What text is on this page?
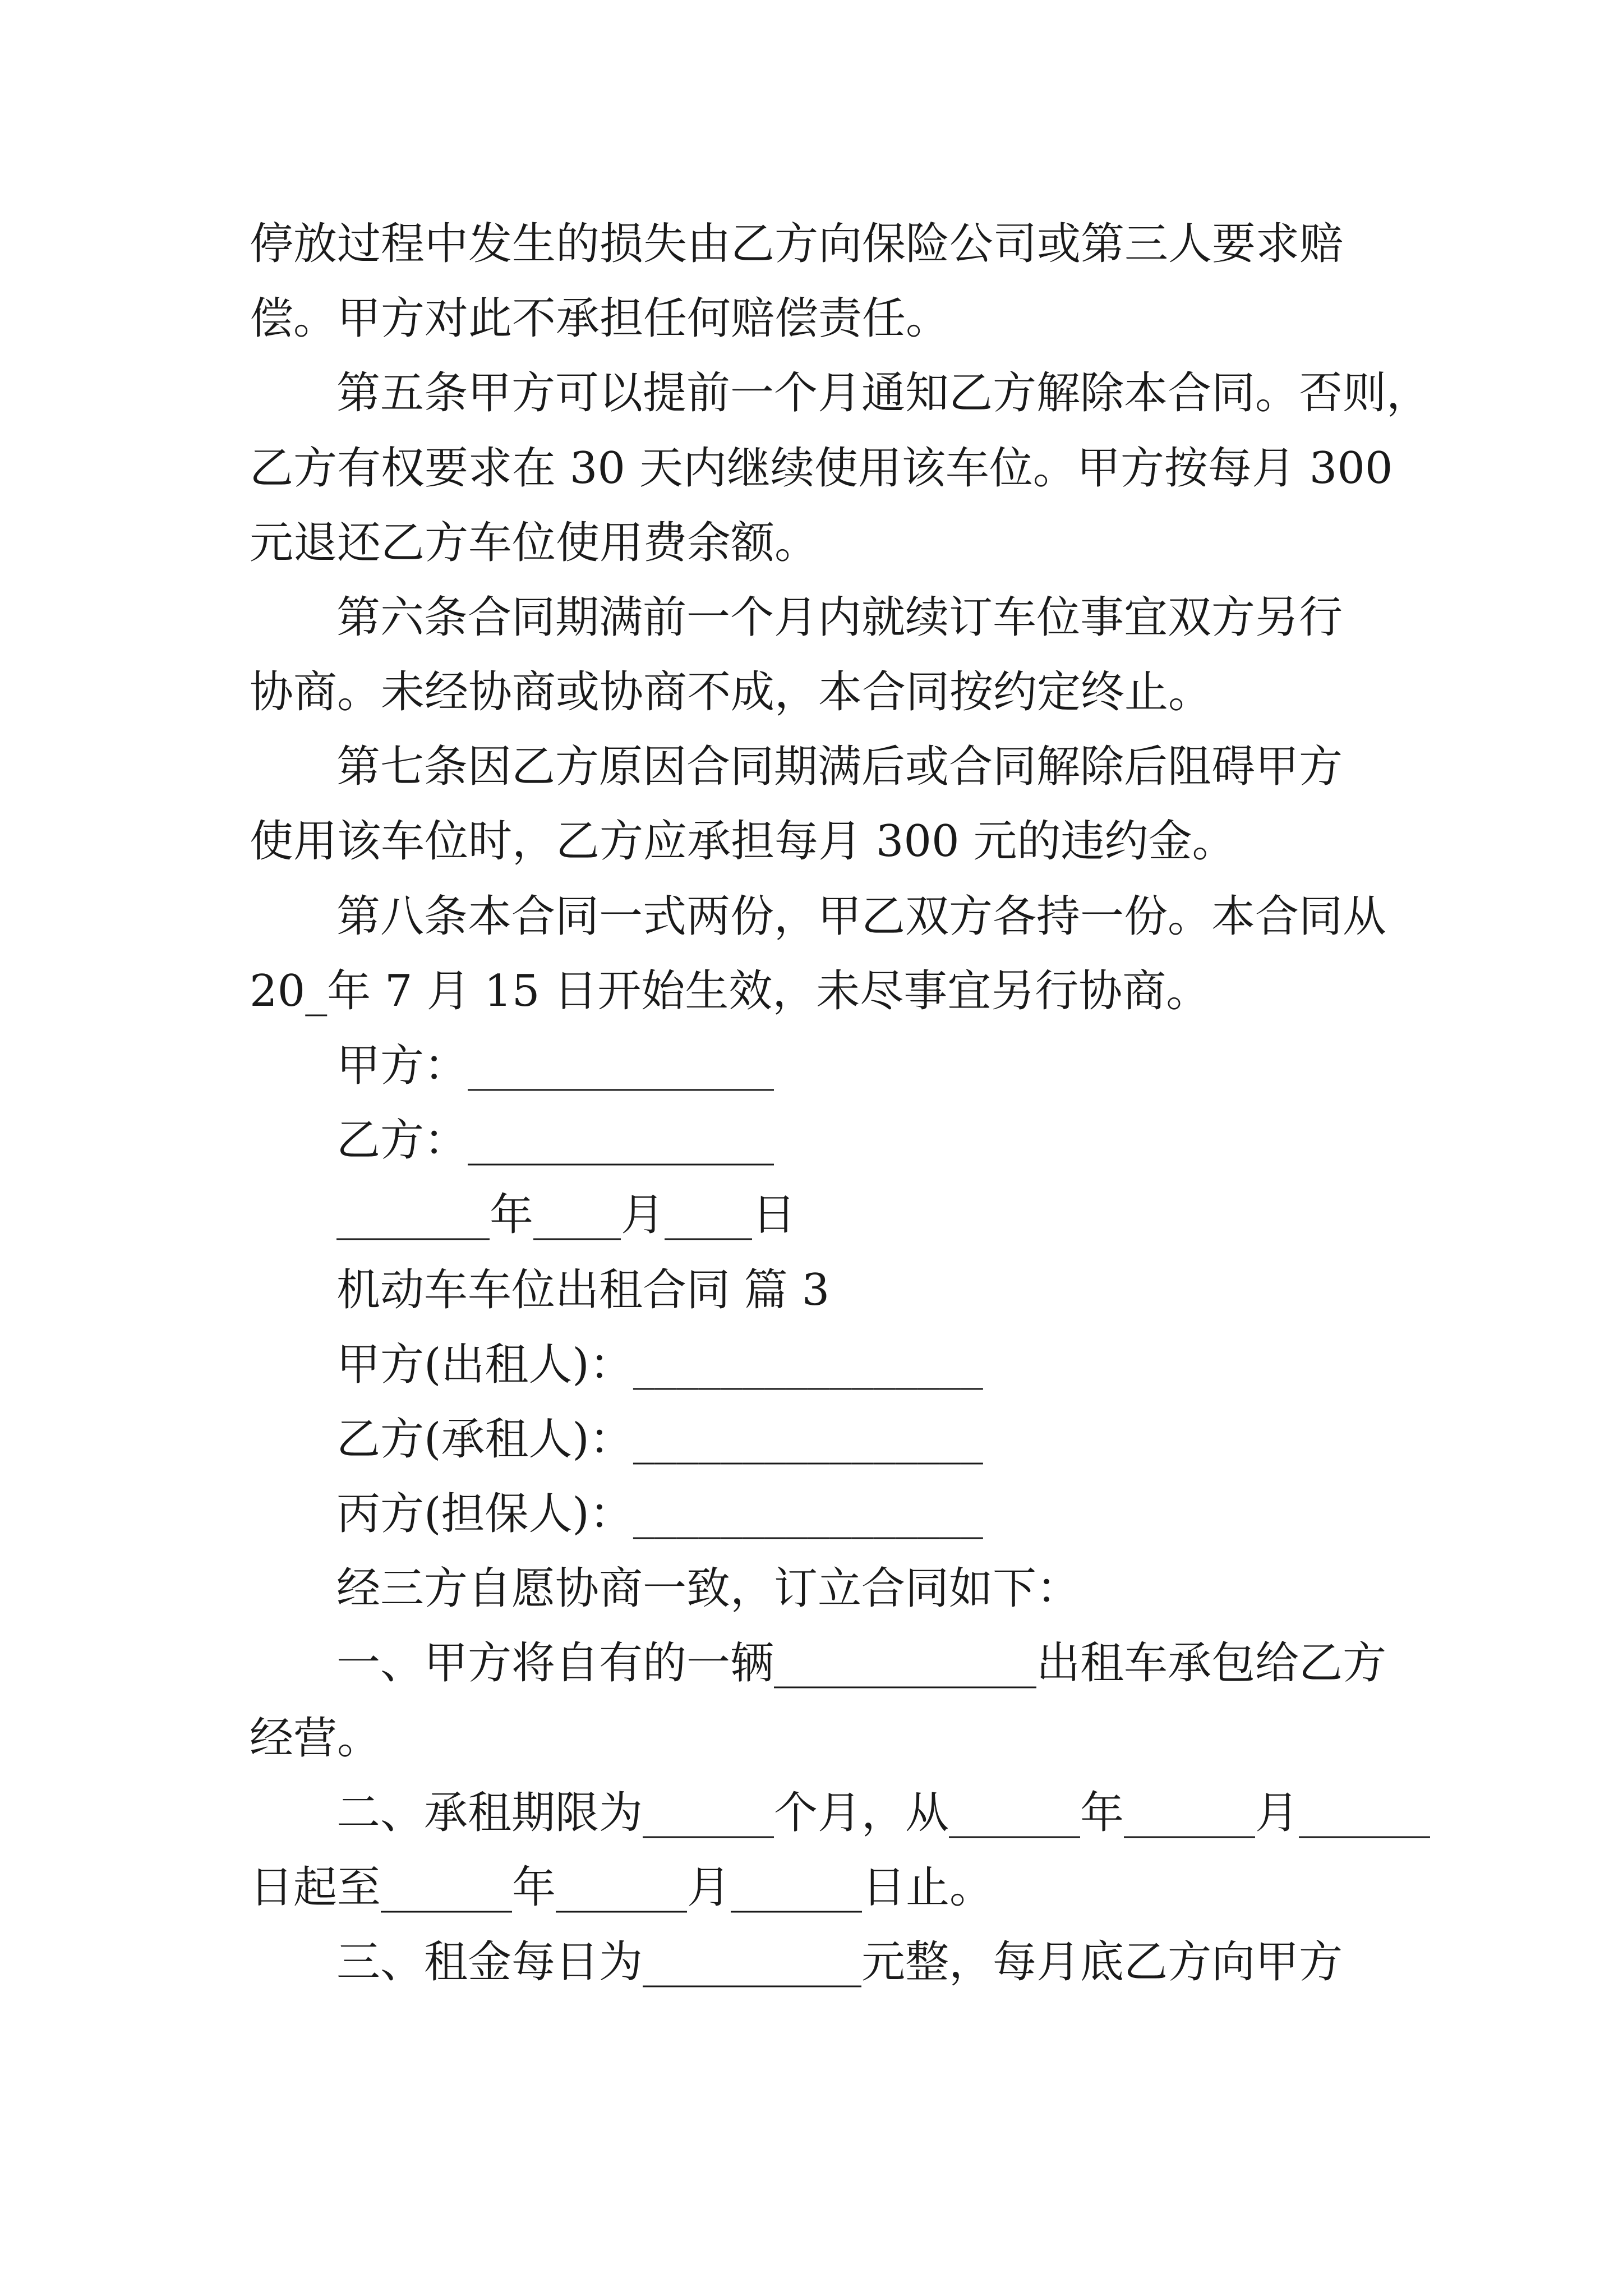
停放过程中发生的损失由乙方向保险公司或第三人要求赔
偿。甲方对此不承担任何赔偿责任。
第五条甲方可以提前一个月通知乙方解除本合同。否则，
乙方有权要求在 30 天内继续使用该车位。甲方按每月 300
元退还乙方车位使用费余额。
第六条合同期满前一个月内就续订车位事宜双方另行
协商。未经协商或协商不成，本合同按约定终止。
第七条因乙方原因合同期满后或合同解除后阻碍甲方
使用该车位时，乙方应承担每月 300 元的违约金。
第八条本合同一式两份，甲乙双方各持一份。本合同从
20_年 7 月 15 日开始生效，未尽事宜另行协商。
甲方：______________
乙方：______________
_______年____月____日
机动车车位出租合同 篇 3
甲方(出租人)：________________
乙方(承租人)：________________
丙方(担保人)：________________
经三方自愿协商一致，订立合同如下：
一、甲方将自有的一辆____________出租车承包给乙方
经营。
二、承租期限为______个月，从______年______月______
日起至______年______月______日止。
三、租金每日为__________元整，每月底乙方向甲方
